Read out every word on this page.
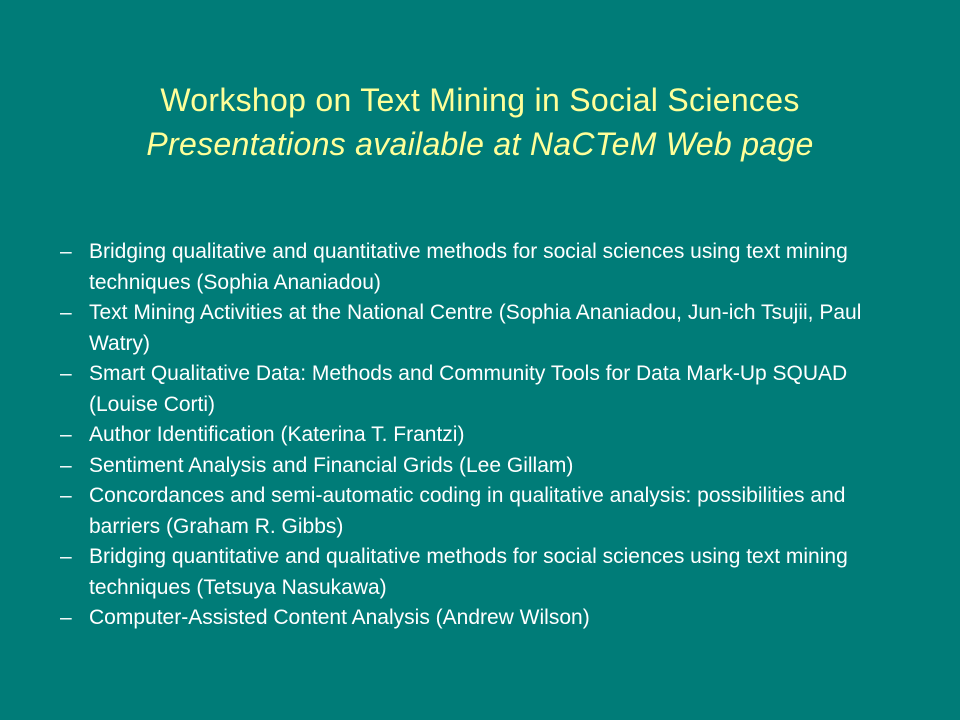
Workshop on Text Mining in Social Sciences
Presentations available at NaCTeM Web page
– Bridging qualitative and quantitative methods for social sciences using text mining techniques (Sophia Ananiadou)
– Text Mining Activities at the National Centre (Sophia Ananiadou, Jun-ich Tsujii, Paul Watry)
– Smart Qualitative Data: Methods and Community Tools for Data Mark-Up SQUAD (Louise Corti)
– Author Identification (Katerina T. Frantzi)
– Sentiment Analysis and Financial Grids (Lee Gillam)
– Concordances and semi-automatic coding in qualitative analysis: possibilities and barriers (Graham R. Gibbs)
– Bridging quantitative and qualitative methods for social sciences using text mining techniques (Tetsuya Nasukawa)
– Computer-Assisted Content Analysis (Andrew Wilson)
